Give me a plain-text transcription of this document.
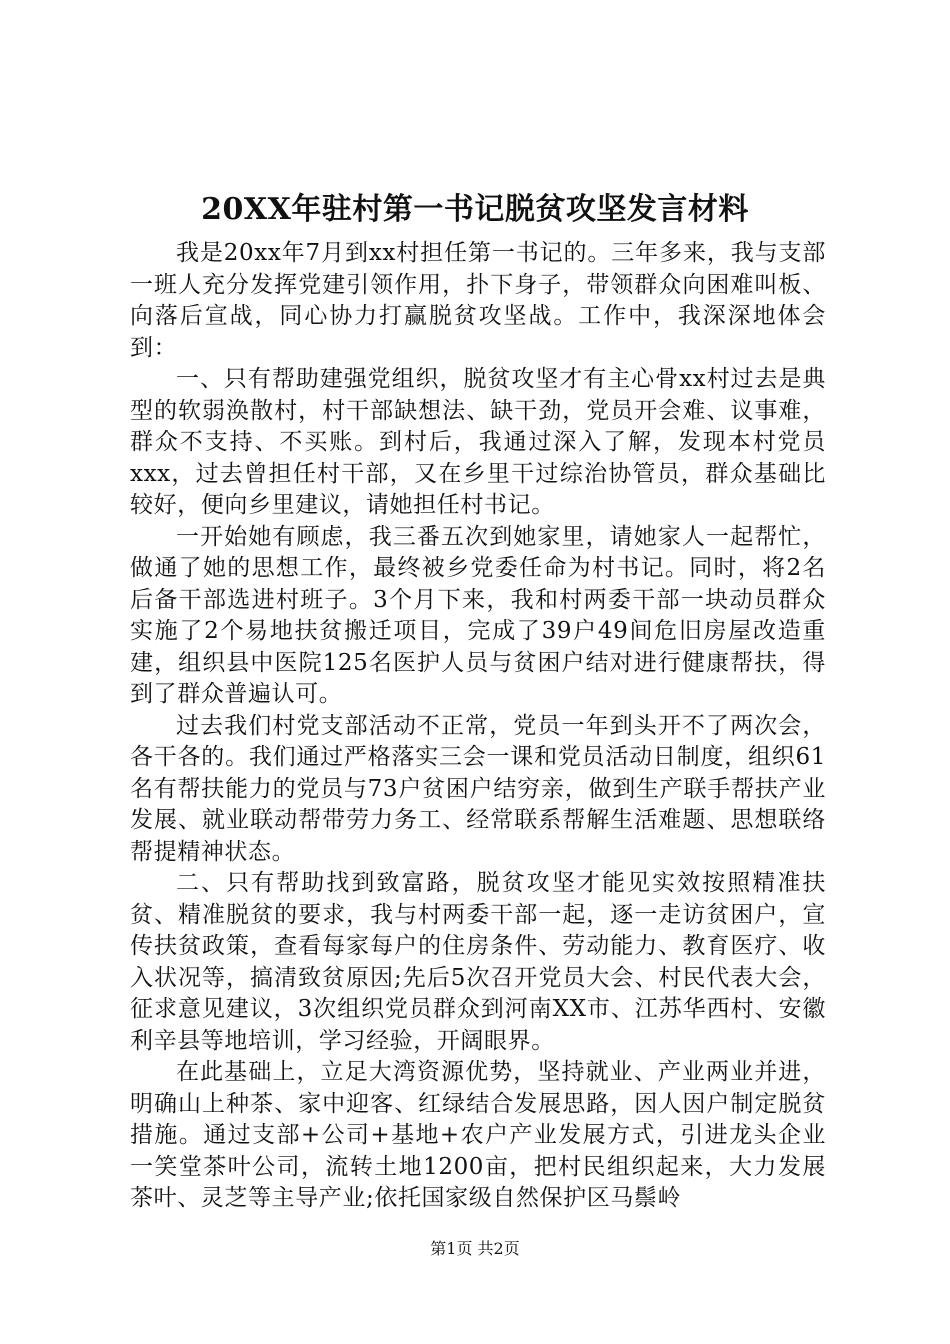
20XX年驻村第一书记脱贫攻坚发言材料

我是20xx年7月到xx村担任第一书记的。三年多来，我与支部一班人充分发挥党建引领作用，扑下身子，带领群众向困难叫板、向落后宣战，同心协力打赢脱贫攻坚战。工作中，我深深地体会到：

一、只有帮助建强党组织，脱贫攻坚才有主心骨xx村过去是典型的软弱涣散村，村干部缺想法、缺干劲，党员开会难、议事难，群众不支持、不买账。到村后，我通过深入了解，发现本村党员xxx，过去曾担任村干部，又在乡里干过综治协管员，群众基础比较好，便向乡里建议，请她担任村书记。

一开始她有顾虑，我三番五次到她家里，请她家人一起帮忙，做通了她的思想工作，最终被乡党委任命为村书记。同时，将2名后备干部选进村班子。3个月下来，我和村两委干部一块动员群众实施了2个易地扶贫搬迁项目，完成了39户49间危旧房屋改造重建，组织县中医院125名医护人员与贫困户结对进行健康帮扶，得到了群众普遍认可。

过去我们村党支部活动不正常，党员一年到头开不了两次会，各干各的。我们通过严格落实三会一课和党员活动日制度，组织61名有帮扶能力的党员与73户贫困户结穷亲，做到生产联手帮扶产业发展、就业联动帮带劳力务工、经常联系帮解生活难题、思想联络帮提精神状态。

二、只有帮助找到致富路，脱贫攻坚才能见实效按照精准扶贫、精准脱贫的要求，我与村两委干部一起，逐一走访贫困户，宣传扶贫政策，查看每家每户的住房条件、劳动能力、教育医疗、收入状况等，搞清致贫原因;先后5次召开党员大会、村民代表大会，征求意见建议，3次组织党员群众到河南XX市、江苏华西村、安徽利辛县等地培训，学习经验，开阔眼界。

在此基础上，立足大湾资源优势，坚持就业、产业两业并进，明确山上种茶、家中迎客、红绿结合发展思路，因人因户制定脱贫措施。通过支部+公司+基地+农户产业发展方式，引进龙头企业一笑堂茶叶公司，流转土地1200亩，把村民组织起来，大力发展茶叶、灵芝等主导产业;依托国家级自然保护区马鬃岭

第1页 共2页
